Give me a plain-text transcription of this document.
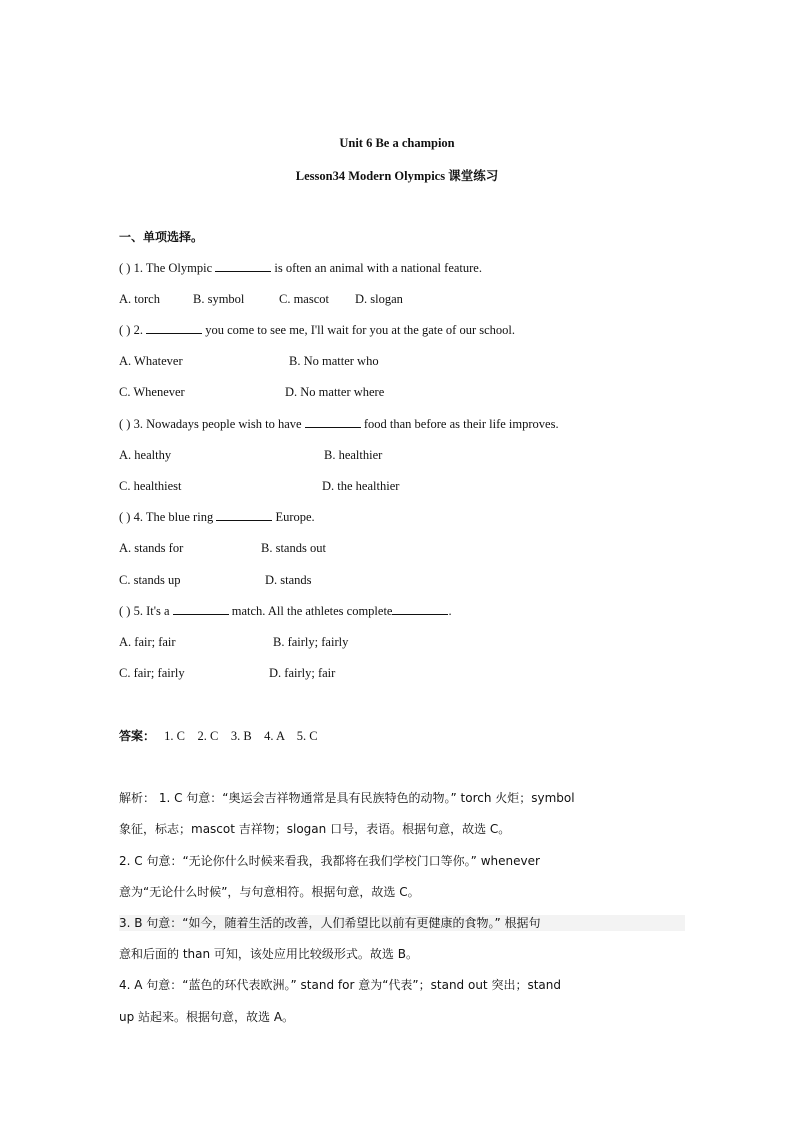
Unit 6 Be a champion
Lesson34 Modern Olympics 课堂练习
一、单项选择。
( ) 1. The Olympic	is often an animal with a national feature.
A. torch	B. symbol	C. mascot D. slogan
( ) 2.	you come to see me, I'll wait for you at the gate of our school.
A. Whatever	B. No matter who
C. Whenever	D. No matter where
( ) 3. Nowadays people wish to have	food than before as their life improves.
A. healthy	B. healthier
C. healthiest	D. the healthier
( ) 4. The blue ring	Europe.
A. stands for	B. stands out
C. stands up	D. stands
( ) 5. It's a	match. All the athletes complete	.
A. fair; fair	B. fairly; fairly
C. fair; fairly	D. fairly; fair
答案： 1. C    2. C    3. B    4. A    5. C
解析： 1. C 句意：“奥运会吉祥物通常是具有民族特色的动物。” torch 火炬；symbol
象征，标志；mascot 吉祥物；slogan 口号，表语。根据句意，故选 C。
2. C 句意：“无论你什么时候来看我，我都将在我们学校门口等你。” whenever
意为“无论什么时候”，与句意相符。根据句意，故选 C。
3. B 句意：“如今，随着生活的改善，人们希望比以前有更健康的食物。” 根据句
意和后面的 than 可知，该处应用比较级形式。故选 B。
4. A 句意：“蓝色的环代表欧洲。” stand for 意为“代表”；stand out 突出；stand
up 站起来。根据句意，故选 A。
